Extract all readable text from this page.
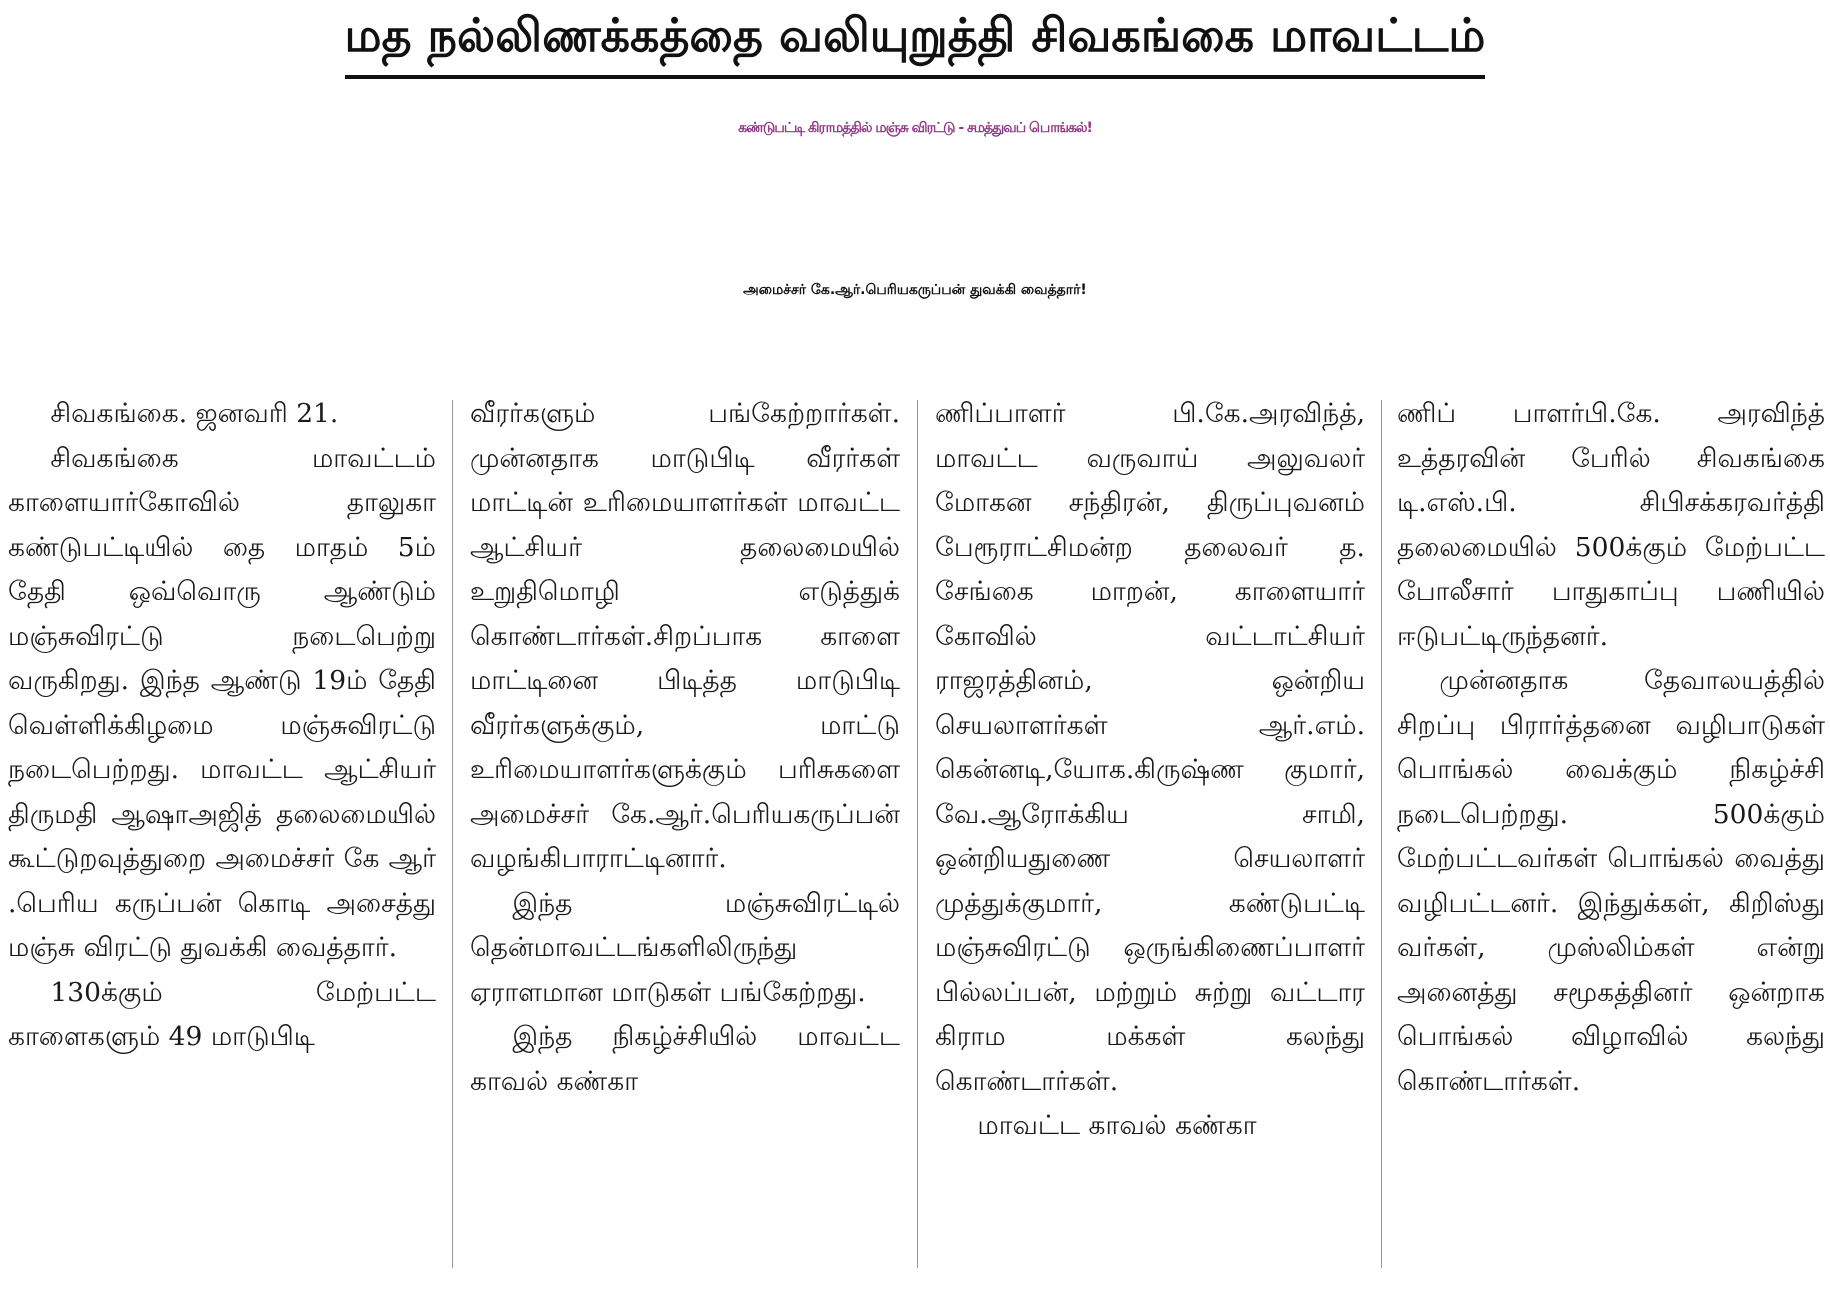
மத நல்லிணக்கத்தை வலியுறுத்தி சிவகங்கை மாவட்டம்
கண்டுபட்டி கிராமத்தில் மஞ்சு விரட்டு - சமத்துவப் பொங்கல்!
அமைச்சர் கே.ஆர்.பெரியகருப்பன் துவக்கி வைத்தார்!

சிவகங்கை. ஜனவரி 21.

சிவகங்கை மாவட்டம் காளையார்கோவில் தாலுகா கண்டுபட்டியில் தை மாதம் 5ம் தேதி ஒவ்வொரு ஆண்டும் மஞ்சுவிரட்டு நடைபெற்று வருகிறது. இந்த ஆண்டு 19ம் தேதி வெள்ளிக்கிழமை மஞ்சுவிரட்டு நடைபெற்றது. மாவட்ட ஆட்சியர் திருமதி ஆஷாஅஜித் தலைமையில் கூட்டுறவுத்துறை அமைச்சர் கே ஆர் .பெரிய கருப்பன் கொடி அசைத்து மஞ்சு விரட்டு துவக்கி வைத்தார்.

130க்கும் மேற்பட்ட காளைகளும் 49 மாடுபிடி

வீரர்களும் பங்கேற்றார்கள். முன்னதாக மாடுபிடி வீரர்கள் மாட்டின் உரிமையாளர்கள் மாவட்ட ஆட்சியர் தலைமையில் உறுதிமொழி எடுத்துக் கொண்டார்கள்.சிறப்பாக காளை மாட்டினை பிடித்த மாடுபிடி வீரர்களுக்கும், மாட்டு உரிமையாளர்களுக்கும் பரிசுகளை அமைச்சர் கே.ஆர்.பெரியகருப்பன் வழங்கிபாராட்டினார்.

இந்த மஞ்சுவிரட்டில் தென்மாவட்டங்களிலிருந்து ஏராளமான மாடுகள் பங்கேற்றது.

இந்த நிகழ்ச்சியில் மாவட்ட காவல் கண்கா

ணிப்பாளர் பி.கே.அரவிந்த், மாவட்ட வருவாய் அலுவலர் மோகன சந்திரன், திருப்புவனம் பேரூராட்சிமன்ற தலைவர் த. சேங்கை மாறன், காளையார் கோவில் வட்டாட்சியர் ராஜரத்தினம், ஒன்றிய செயலாளர்கள் ஆர்.எம். கென்னடி,யோக.கிருஷ்ண குமார், வே.ஆரோக்கிய சாமி, ஒன்றியதுணை செயலாளர் முத்துக்குமார், கண்டுபட்டி மஞ்சுவிரட்டு ஒருங்கிணைப்பாளர் பில்லப்பன், மற்றும் சுற்று வட்டார கிராம மக்கள் கலந்து கொண்டார்கள்.

மாவட்ட காவல் கண்கா

ணிப் பாளர்பி.கே. அரவிந்த் உத்தரவின் பேரில் சிவகங்கை டி.எஸ்.பி. சிபிசக்கரவர்த்தி தலைமையில் 500க்கும் மேற்பட்ட போலீசார் பாதுகாப்பு பணியில் ஈடுபட்டிருந்தனர்.

முன்னதாக தேவாலயத்தில் சிறப்பு பிரார்த்தனை வழிபாடுகள் பொங்கல் வைக்கும் நிகழ்ச்சி நடைபெற்றது. 500க்கும் மேற்பட்டவர்கள் பொங்கல் வைத்து வழிபட்டனர். இந்துக்கள், கிறிஸ்து வர்கள், முஸ்லிம்கள் என்று அனைத்து சமூகத்தினர் ஒன்றாக பொங்கல் விழாவில் கலந்து கொண்டார்கள்.
